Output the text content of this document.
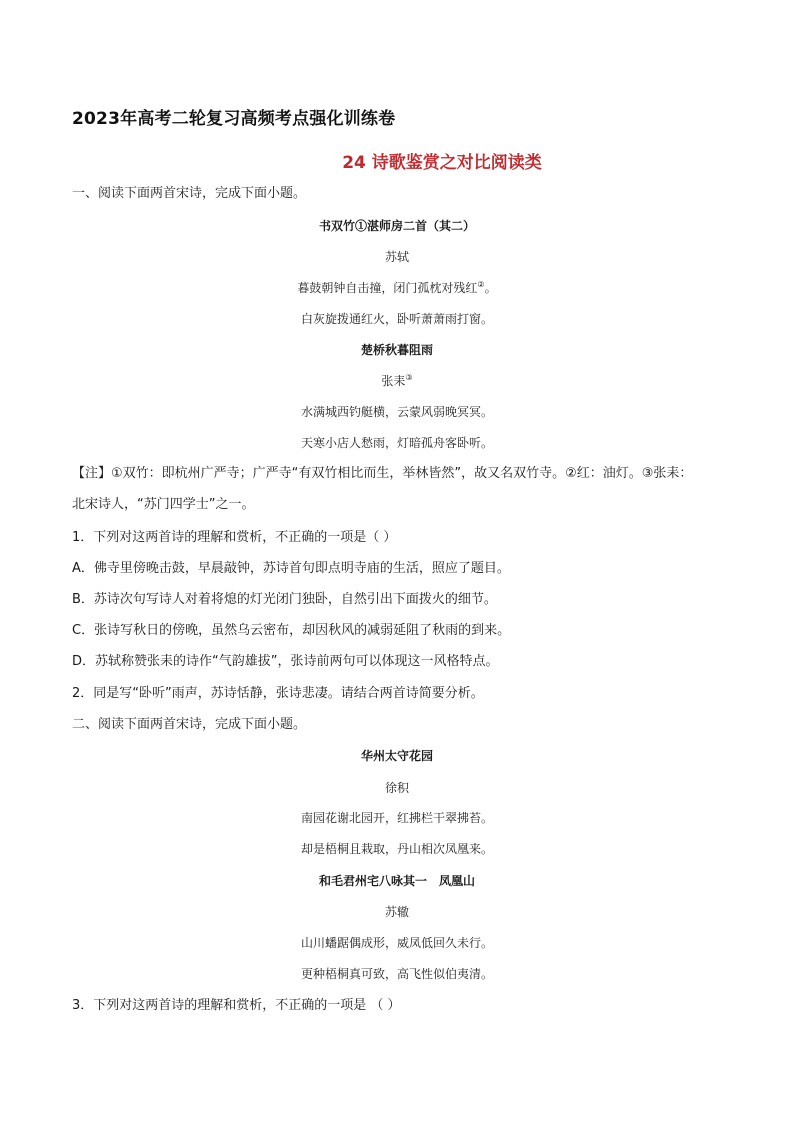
2023年高考二轮复习高频考点强化训练卷
24 诗歌鉴赏之对比阅读类
一、阅读下面两首宋诗，完成下面小题。
书双竹①湛师房二首（其二）
苏轼
暮鼓朝钟自击撞，闭门孤枕对残红②。
白灰旋拨通红火，卧听萧萧雨打窗。
楚桥秋暮阻雨
张耒③
水满城西钓艇横，云蒙风弱晚冥冥。
天寒小店人愁雨，灯暗孤舟客卧听。
【注】①双竹：即杭州广严寺；广严寺“有双竹相比而生，举林皆然”，故又名双竹寺。②红：油灯。③张耒：
北宋诗人，“苏门四学士”之一。
1．下列对这两首诗的理解和赏析，不正确的一项是（ ）
A．佛寺里傍晚击鼓，早晨敲钟，苏诗首句即点明寺庙的生活，照应了题目。
B．苏诗次句写诗人对着将熄的灯光闭门独卧，自然引出下面拨火的细节。
C．张诗写秋日的傍晚，虽然乌云密布，却因秋风的减弱延阻了秋雨的到来。
D．苏轼称赞张耒的诗作“气韵雄拔”，张诗前两句可以体现这一风格特点。
2．同是写“卧听”雨声，苏诗恬静，张诗悲凄。请结合两首诗简要分析。
二、阅读下面两首宋诗，完成下面小题。
华州太守花园
徐积
南园花谢北园开，红拂栏干翠拂苔。
却是梧桐且栽取，丹山相次凤凰来。
和毛君州宅八咏其一　凤凰山
苏辙
山川蟠踞偶成形，威凤低回久未行。
更种梧桐真可致，高飞性似伯夷清。
3．下列对这两首诗的理解和赏析，不正确的一项是 （ ）
